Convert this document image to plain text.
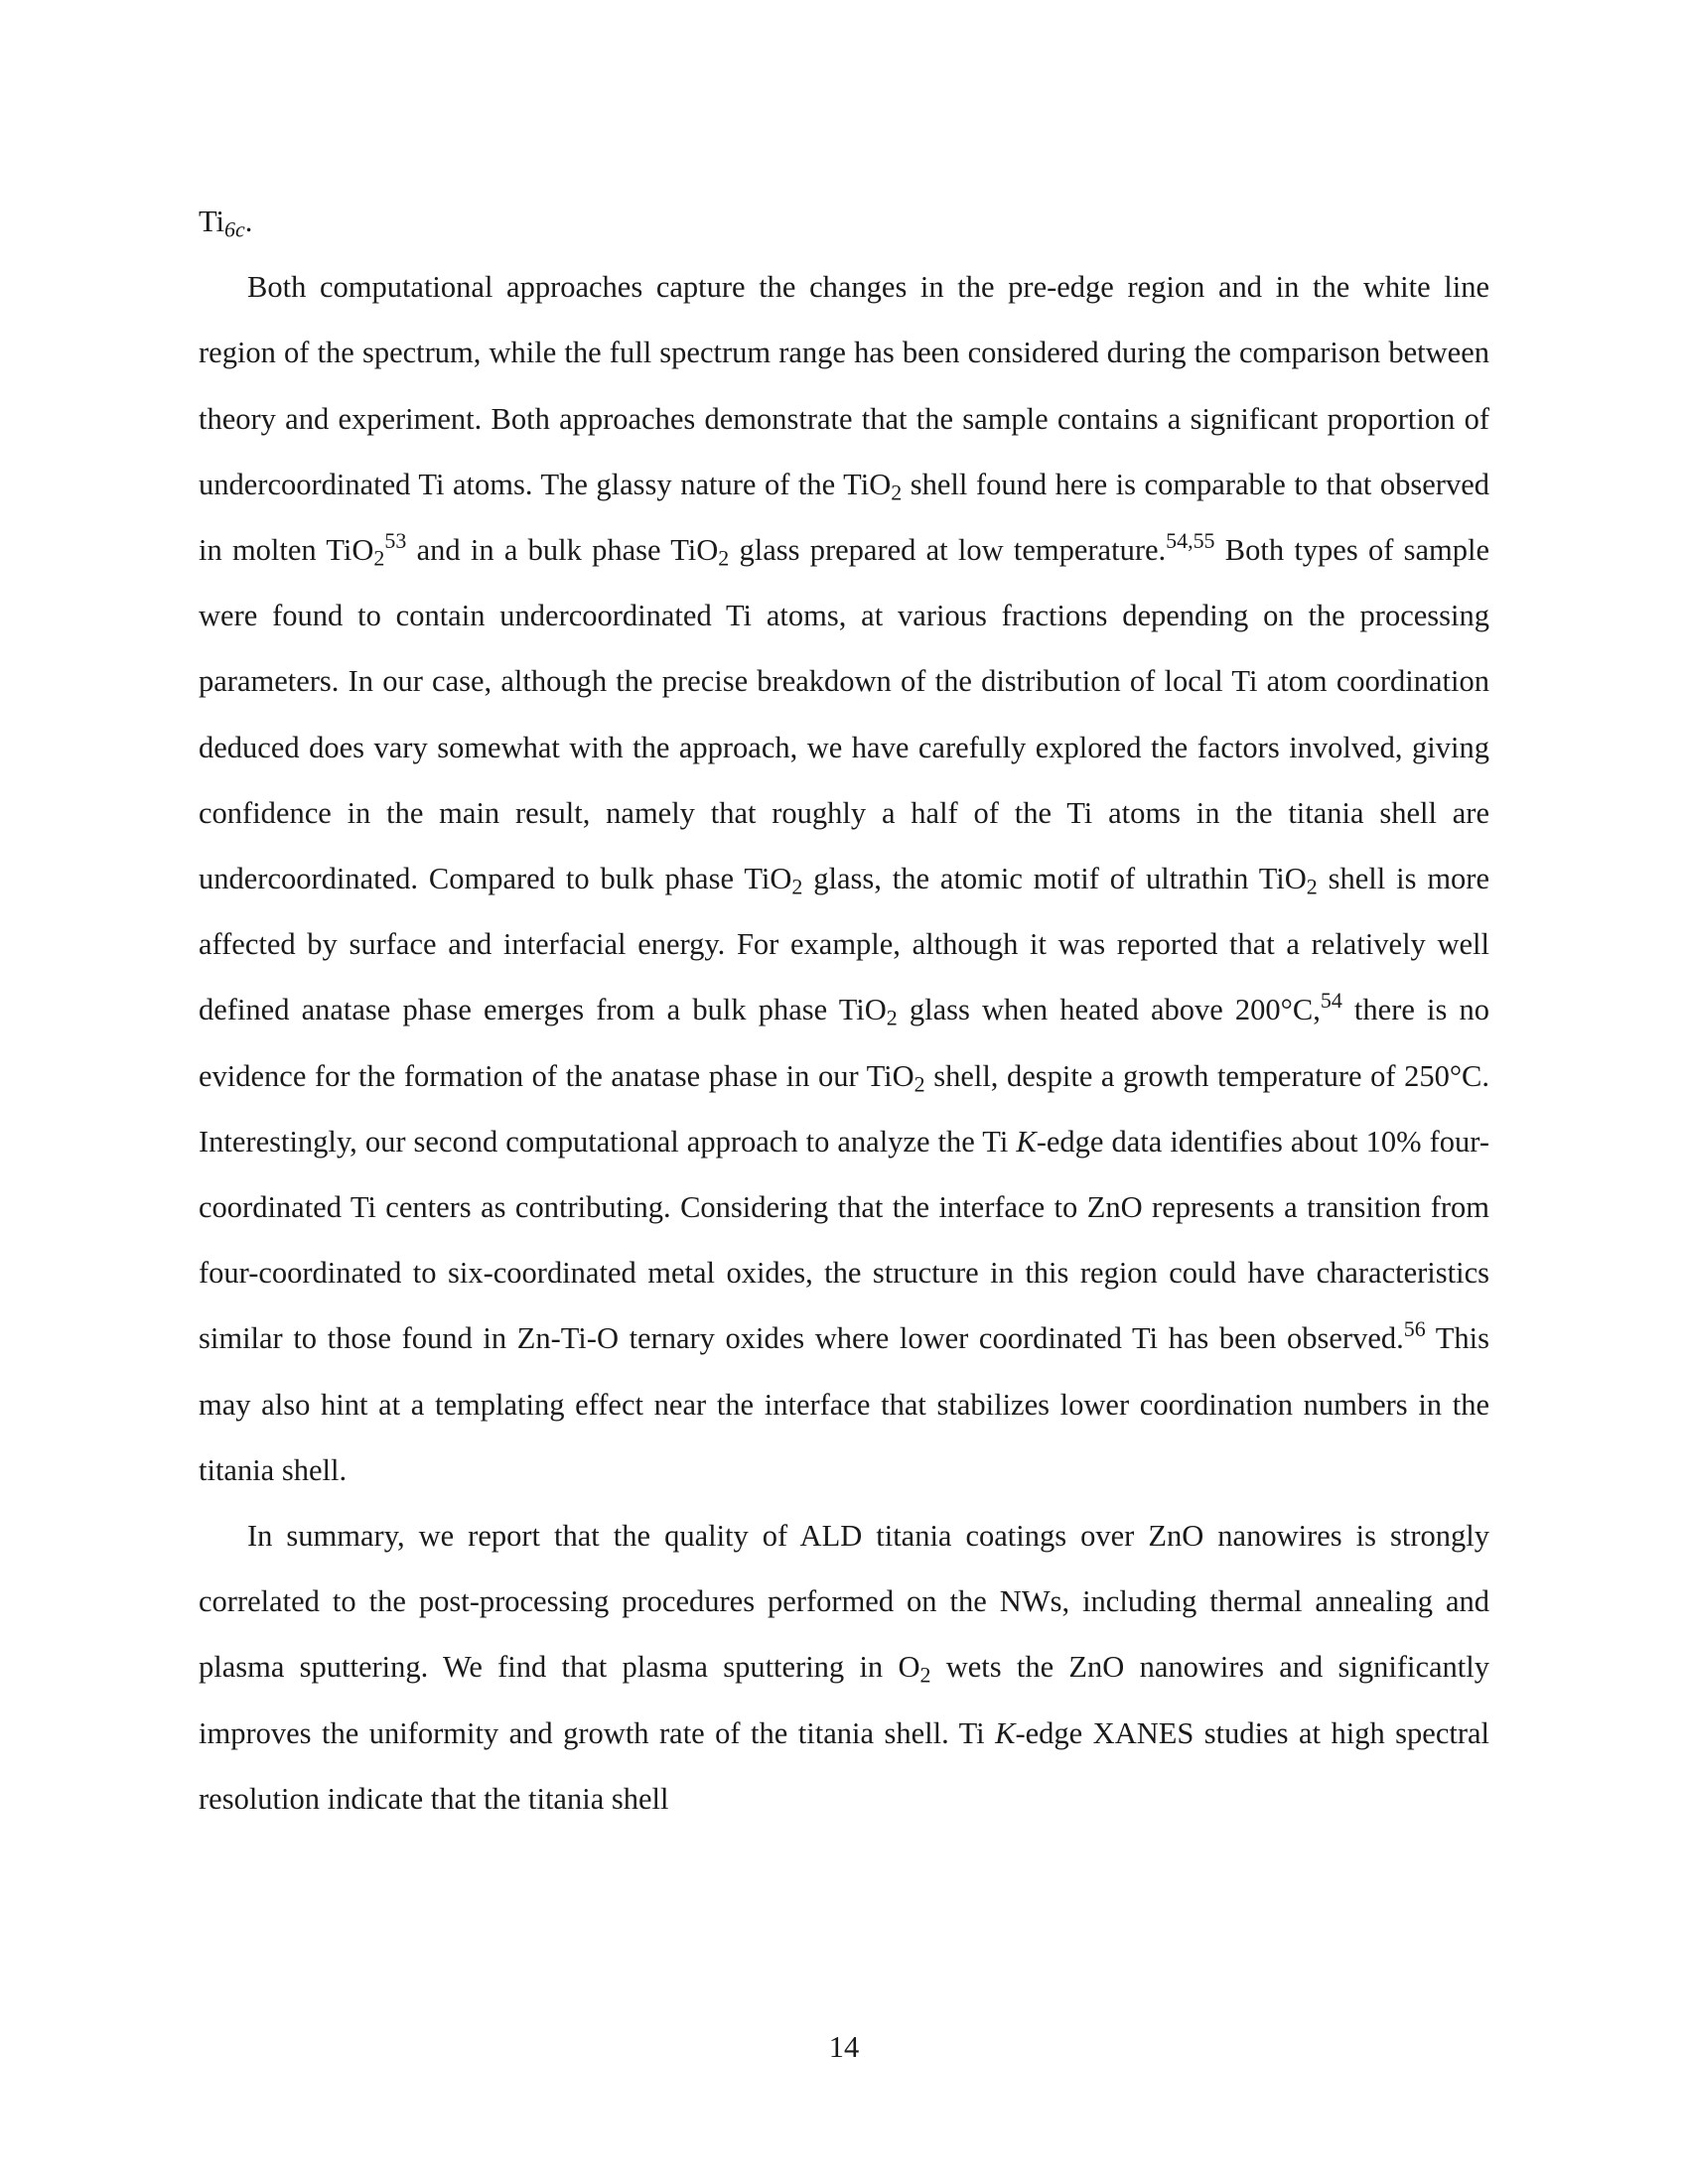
$Ti_{6c}$.

Both computational approaches capture the changes in the pre-edge region and in the white line region of the spectrum, while the full spectrum range has been considered during the comparison between theory and experiment. Both approaches demonstrate that the sample contains a significant proportion of undercoordinated Ti atoms. The glassy nature of the TiO$_2$ shell found here is comparable to that observed in molten TiO$_2^{53}$ and in a bulk phase TiO$_2$ glass prepared at low temperature.$^{54,55}$ Both types of sample were found to contain undercoordinated Ti atoms, at various fractions depending on the processing parameters. In our case, although the precise breakdown of the distribution of local Ti atom coordination deduced does vary somewhat with the approach, we have carefully explored the factors involved, giving confidence in the main result, namely that roughly a half of the Ti atoms in the titania shell are undercoordinated. Compared to bulk phase TiO$_2$ glass, the atomic motif of ultrathin TiO$_2$ shell is more affected by surface and interfacial energy. For example, although it was reported that a relatively well defined anatase phase emerges from a bulk phase TiO$_2$ glass when heated above 200°C,$^{54}$ there is no evidence for the formation of the anatase phase in our TiO$_2$ shell, despite a growth temperature of 250°C. Interestingly, our second computational approach to analyze the Ti K-edge data identifies about 10% four-coordinated Ti centers as contributing. Considering that the interface to ZnO represents a transition from four-coordinated to six-coordinated metal oxides, the structure in this region could have characteristics similar to those found in Zn-Ti-O ternary oxides where lower coordinated Ti has been observed.$^{56}$ This may also hint at a templating effect near the interface that stabilizes lower coordination numbers in the titania shell.

In summary, we report that the quality of ALD titania coatings over ZnO nanowires is strongly correlated to the post-processing procedures performed on the NWs, including thermal annealing and plasma sputtering. We find that plasma sputtering in $O_2$ wets the ZnO nanowires and significantly improves the uniformity and growth rate of the titania shell. Ti K-edge XANES studies at high spectral resolution indicate that the titania shell

14
